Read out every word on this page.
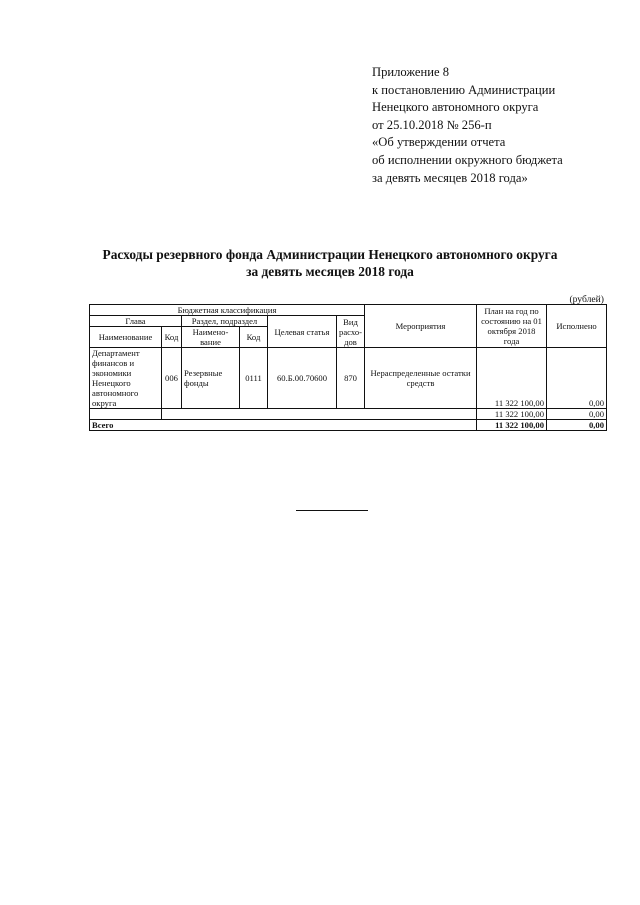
Приложение 8
к постановлению Администрации
Ненецкого автономного округа
от 25.10.2018 № 256-п
«Об утверждении отчета
об исполнении окружного бюджета
за девять месяцев 2018 года»
Расходы резервного фонда Администрации Ненецкого автономного округа
за девять месяцев 2018 года
(рублей)
Бюджетная классификация						Мероприятия	План на год по состоянию на 01 октября 2018 года	Исполнено
Глава		Раздел, подраздел		Целевая статья	Вид расхо-дов			
Наименование	Код	Наимено-вание	Код					
Департамент финансов и экономики Ненецкого автономного округа	006	Резервные фонды	0111	60.Б.00.70600	870	Нераспределенные остатки средств	11 322 100,00	0,00
							11 322 100,00	0,00
Всего							11 322 100,00	0,00
